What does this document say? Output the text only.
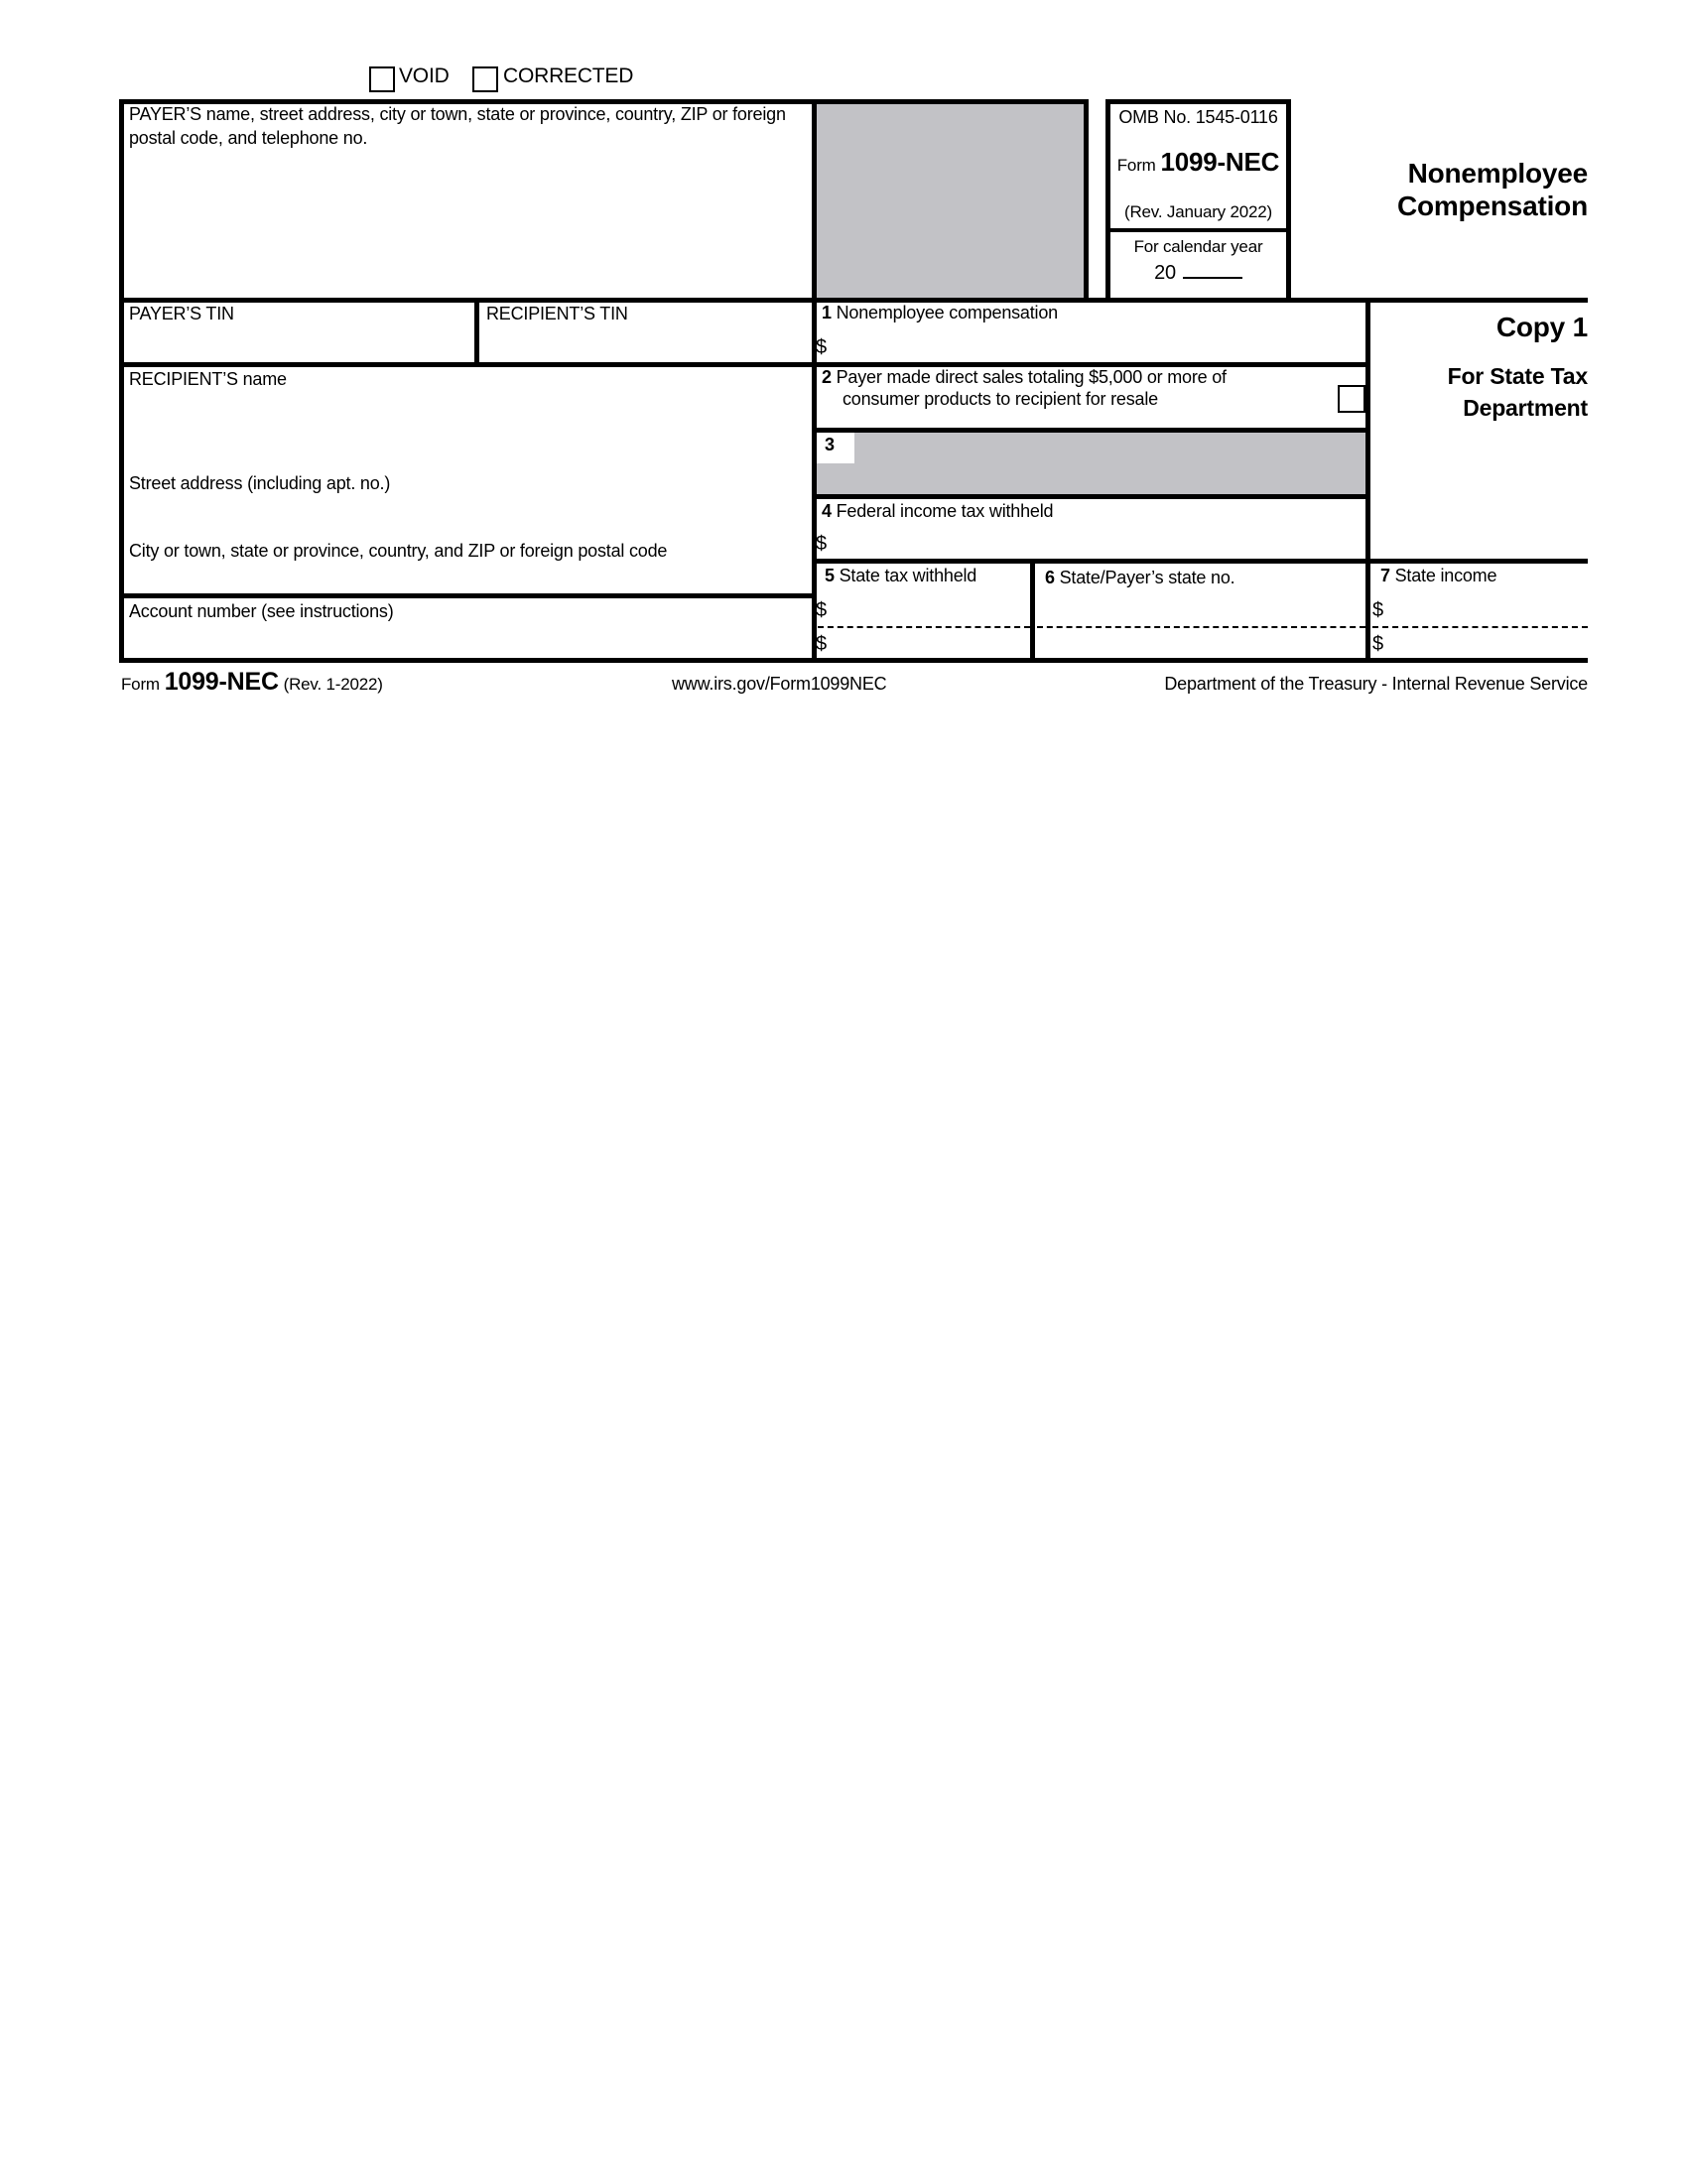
VOID	CORRECTED
PAYER’S name, street address, city or town, state or province, country, ZIP or foreign postal code, and telephone no.
OMB No. 1545-0116
Form
1099-NEC
(Rev. January 2022)
For calendar year
20
Nonemployee
Compensation
PAYER’S TIN	RECIPIENT’S TIN	1 Nonemployee compensation
$
Copy 1
For State Tax
Department
RECIPIENT’S name
Street address (including apt. no.)
City or town, state or province, country, and ZIP or foreign postal code
Account number (see instructions)
2 Payer made direct sales totaling $5,000 or more of
consumer products to recipient for resale
3
4 Federal income tax withheld
$
5 State tax withheld
$
$
6 State/Payer’s state no.	7 State income
$
$
Form
1099-NEC
(Rev. 1-2022)	www.irs.gov/Form1099NEC	Department of the Treasury - Internal Revenue Service
